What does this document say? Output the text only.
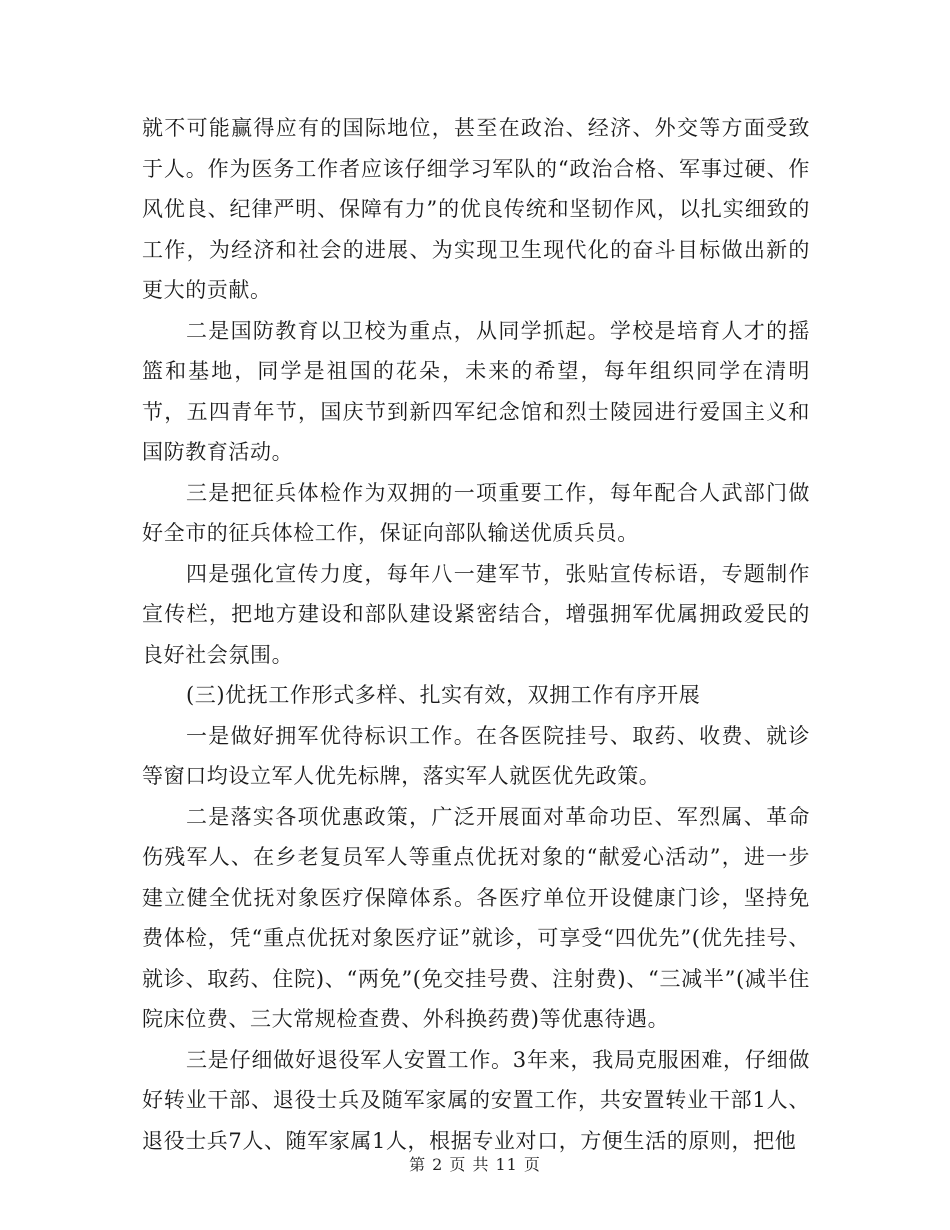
就不可能赢得应有的国际地位，甚至在政治、经济、外交等方面受致于人。作为医务工作者应该仔细学习军队的“政治合格、军事过硬、作风优良、纪律严明、保障有力”的优良传统和坚韧作风，以扎实细致的工作，为经济和社会的进展、为实现卫生现代化的奋斗目标做出新的更大的贡献。

二是国防教育以卫校为重点，从同学抓起。学校是培育人才的摇篮和基地，同学是祖国的花朵，未来的希望，每年组织同学在清明节，五四青年节，国庆节到新四军纪念馆和烈士陵园进行爱国主义和国防教育活动。

三是把征兵体检作为双拥的一项重要工作，每年配合人武部门做好全市的征兵体检工作，保证向部队输送优质兵员。

四是强化宣传力度，每年八一建军节，张贴宣传标语，专题制作宣传栏，把地方建设和部队建设紧密结合，增强拥军优属拥政爱民的良好社会氛围。

(三)优抚工作形式多样、扎实有效，双拥工作有序开展

一是做好拥军优待标识工作。在各医院挂号、取药、收费、就诊等窗口均设立军人优先标牌，落实军人就医优先政策。

二是落实各项优惠政策，广泛开展面对革命功臣、军烈属、革命伤残军人、在乡老复员军人等重点优抚对象的“献爱心活动”，进一步建立健全优抚对象医疗保障体系。各医疗单位开设健康门诊，坚持免费体检，凭“重点优抚对象医疗证”就诊，可享受“四优先”(优先挂号、就诊、取药、住院)、“两免”(免交挂号费、注射费)、“三减半”(减半住院床位费、三大常规检查费、外科换药费)等优惠待遇。

三是仔细做好退役军人安置工作。3年来，我局克服困难，仔细做好转业干部、退役士兵及随军家属的安置工作，共安置转业干部1人、退役士兵7人、随军家属1人，根据专业对口，方便生活的原则，把他

第 2 页 共 11 页
